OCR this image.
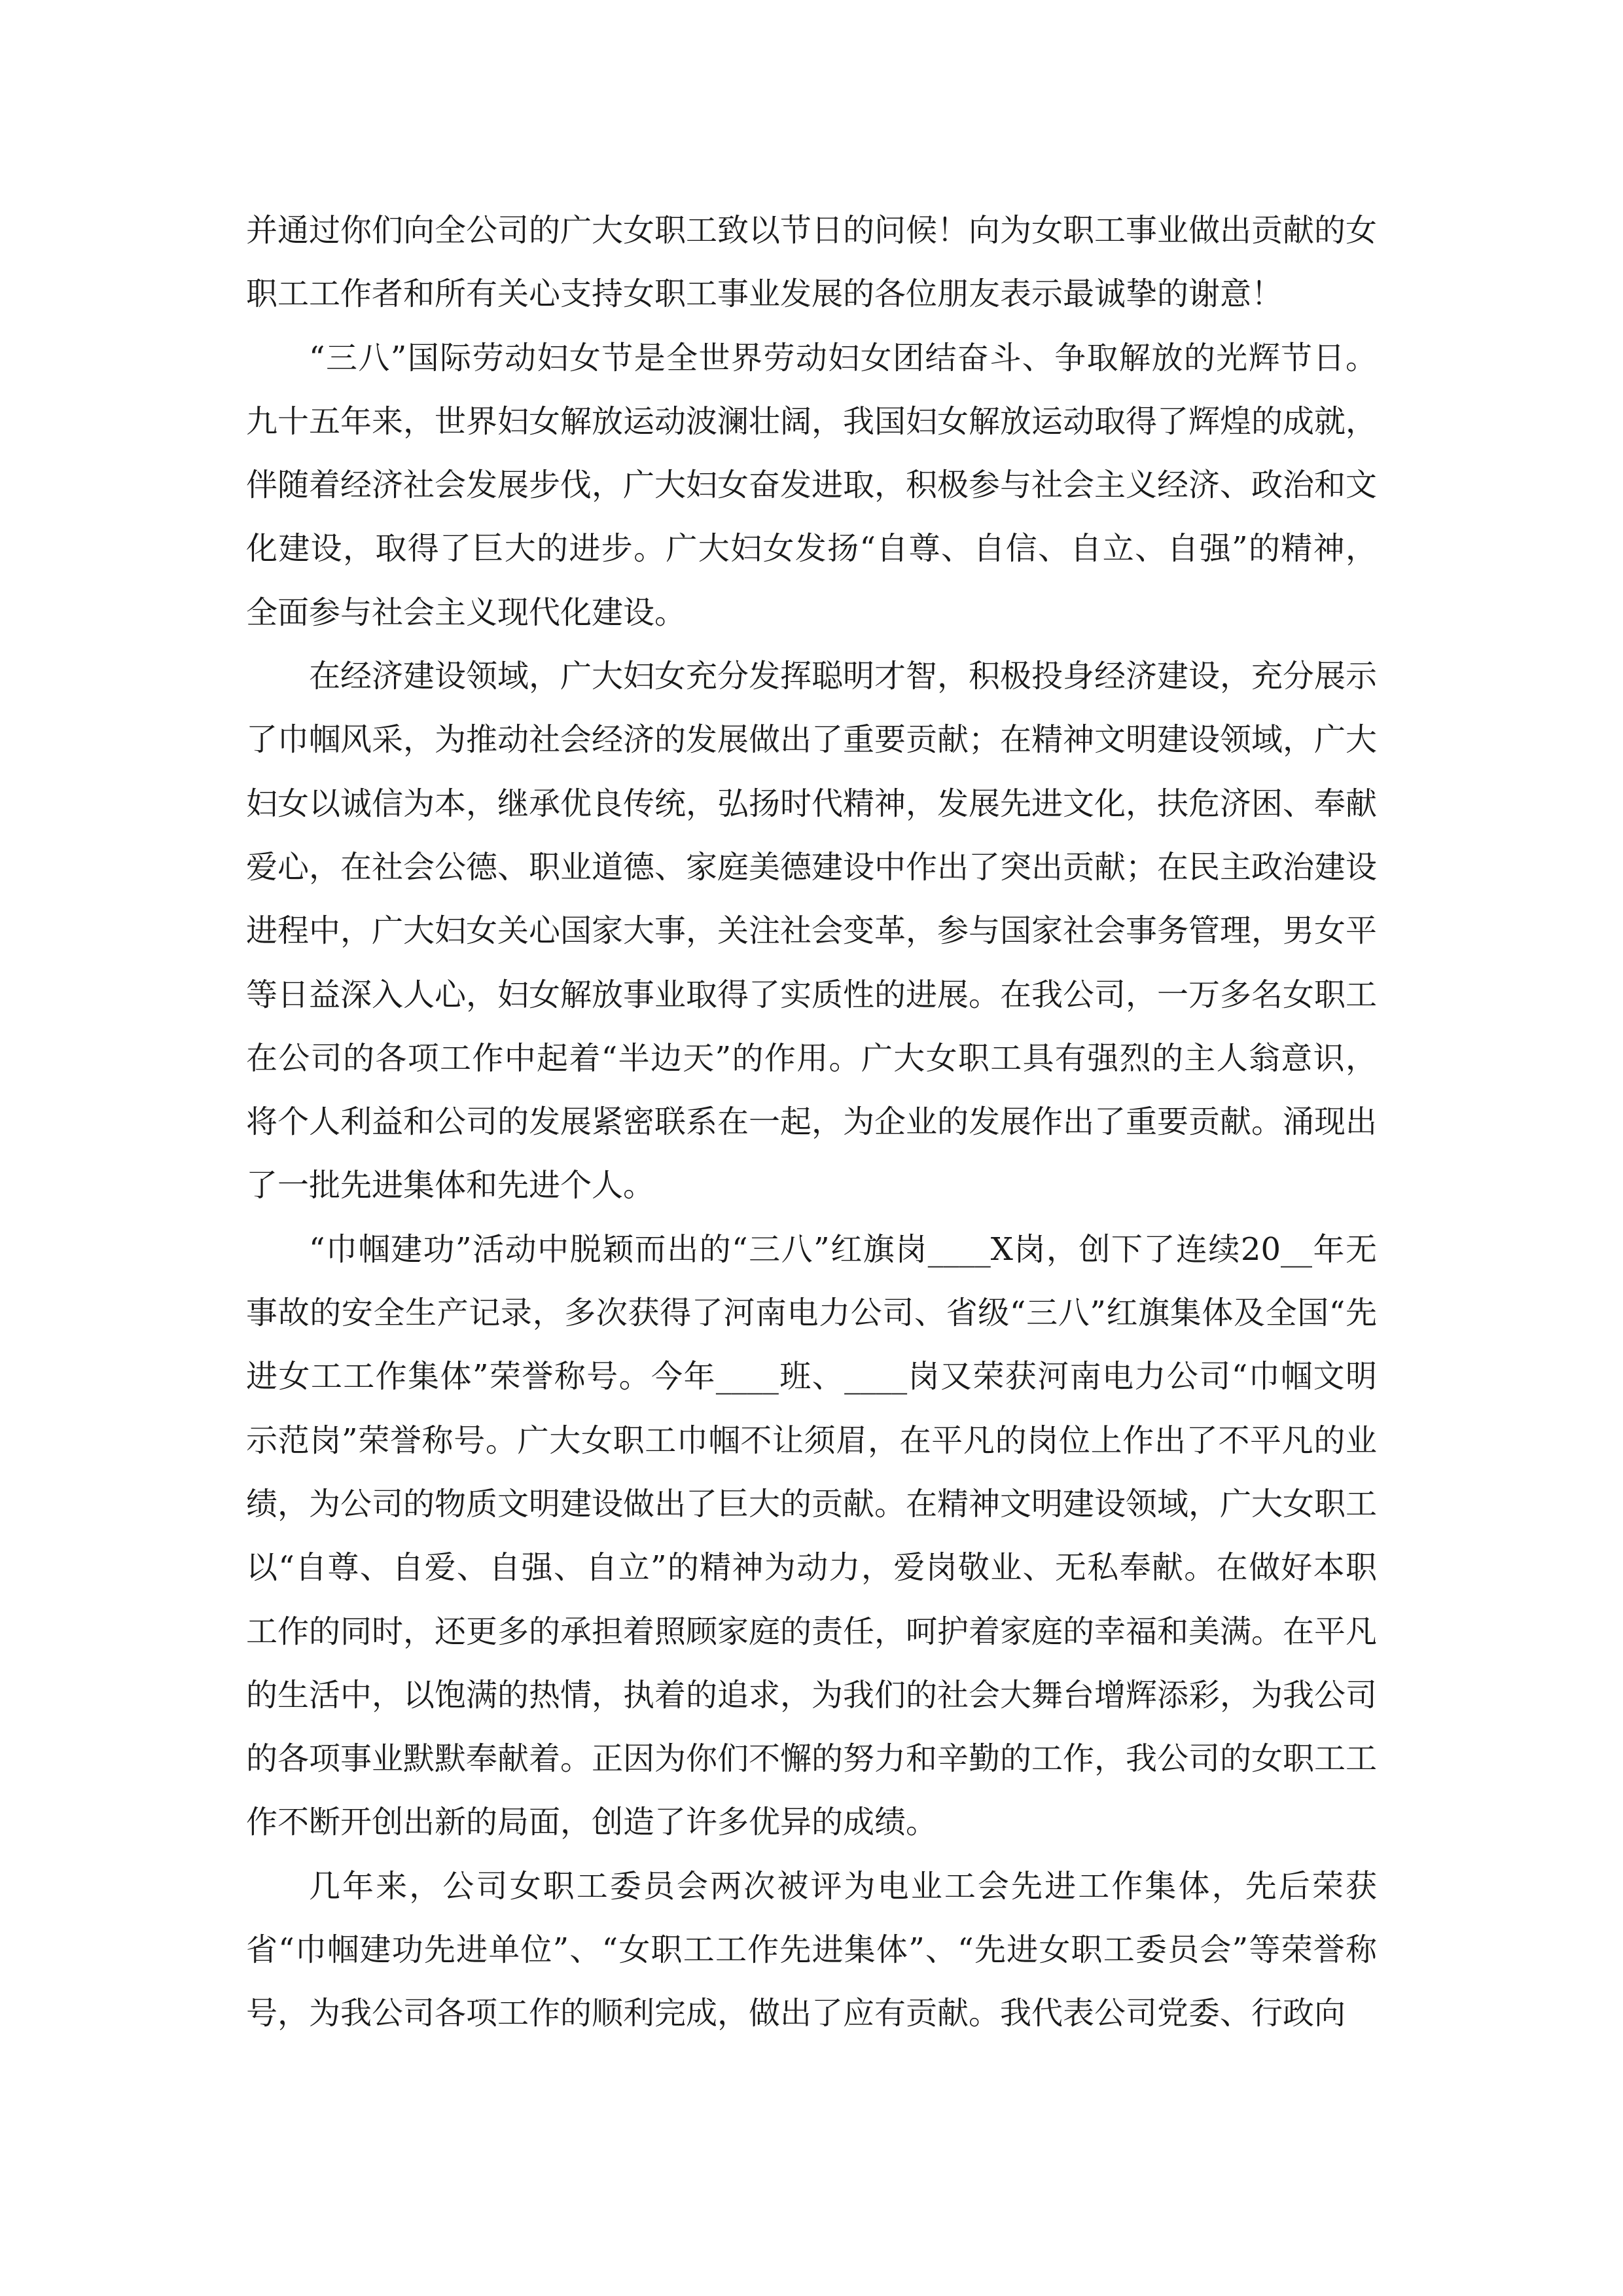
并通过你们向全公司的广大女职工致以节日的问候！向为女职工事业做出贡献的女职工工作者和所有关心支持女职工事业发展的各位朋友表示最诚挚的谢意！

“三八”国际劳动妇女节是全世界劳动妇女团结奋斗、争取解放的光辉节日。九十五年来，世界妇女解放运动波澜壮阔，我国妇女解放运动取得了辉煌的成就，伴随着经济社会发展步伐，广大妇女奋发进取，积极参与社会主义经济、政治和文化建设，取得了巨大的进步。广大妇女发扬“自尊、自信、自立、自强”的精神，全面参与社会主义现代化建设。

在经济建设领域，广大妇女充分发挥聪明才智，积极投身经济建设，充分展示了巾帼风采，为推动社会经济的发展做出了重要贡献；在精神文明建设领域，广大妇女以诚信为本，继承优良传统，弘扬时代精神，发展先进文化，扶危济困、奉献爱心，在社会公德、职业道德、家庭美德建设中作出了突出贡献；在民主政治建设进程中，广大妇女关心国家大事，关注社会变革，参与国家社会事务管理，男女平等日益深入人心，妇女解放事业取得了实质性的进展。在我公司，一万多名女职工在公司的各项工作中起着“半边天”的作用。广大女职工具有强烈的主人翁意识，将个人利益和公司的发展紧密联系在一起，为企业的发展作出了重要贡献。涌现出了一批先进集体和先进个人。

“巾帼建功”活动中脱颖而出的“三八”红旗岗____X岗，创下了连续20__年无事故的安全生产记录，多次获得了河南电力公司、省级“三八”红旗集体及全国“先进女工工作集体”荣誉称号。今年____班、____岗又荣获河南电力公司“巾帼文明示范岗”荣誉称号。广大女职工巾帼不让须眉，在平凡的岗位上作出了不平凡的业绩，为公司的物质文明建设做出了巨大的贡献。在精神文明建设领域，广大女职工以“自尊、自爱、自强、自立”的精神为动力，爱岗敬业、无私奉献。在做好本职工作的同时，还更多的承担着照顾家庭的责任，呵护着家庭的幸福和美满。在平凡的生活中，以饱满的热情，执着的追求，为我们的社会大舞台增辉添彩，为我公司的各项事业默默奉献着。正因为你们不懈的努力和辛勤的工作，我公司的女职工工作不断开创出新的局面，创造了许多优异的成绩。

几年来，公司女职工委员会两次被评为电业工会先进工作集体，先后荣获省“巾帼建功先进单位”、“女职工工作先进集体”、“先进女职工委员会”等荣誉称号，为我公司各项工作的顺利完成，做出了应有贡献。我代表公司党委、行政向
